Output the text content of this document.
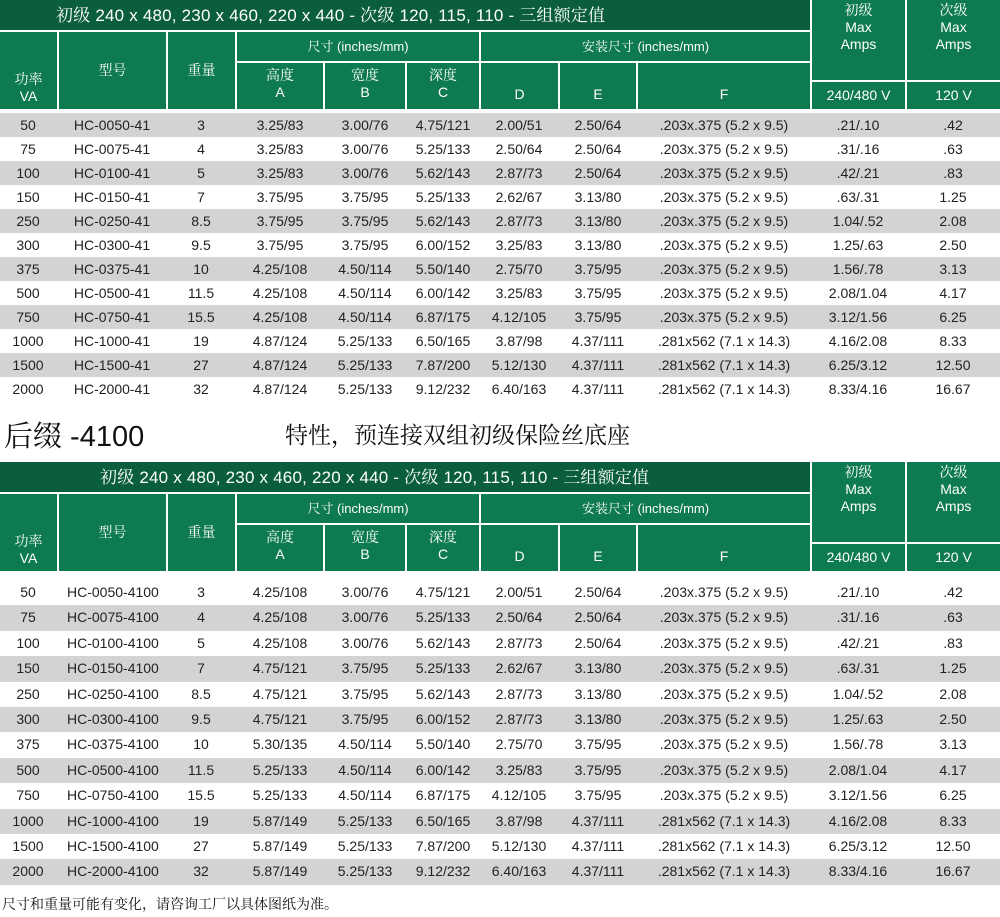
初级 240 x 480, 230 x 460, 220 x 440 - 次级 120, 115, 110 - 三组额定值	初级
Max
Amps
次级
Max
Amps
功率
VA
型号	重量
尺寸 (inches/mm)	安装尺寸 (inches/mm)
高度
A
宽度
B
深度
C	D	E	F	240/480 V	120 V
50	HC-0050-41	3	3.25/83	3.00/76	4.75/121	2.00/51	2.50/64	.203x.375 (5.2 x 9.5)	.21/.10	.42
75	HC-0075-41	4	3.25/83	3.00/76	5.25/133	2.50/64	2.50/64	.203x.375 (5.2 x 9.5)	.31/.16	.63
100	HC-0100-41	5	3.25/83	3.00/76	5.62/143	2.87/73	2.50/64	.203x.375 (5.2 x 9.5)	.42/.21	.83
150	HC-0150-41	7	3.75/95	3.75/95	5.25/133	2.62/67	3.13/80	.203x.375 (5.2 x 9.5)	.63/.31	1.25
250	HC-0250-41	8.5	3.75/95	3.75/95	5.62/143	2.87/73	3.13/80	.203x.375 (5.2 x 9.5)	1.04/.52	2.08
300	HC-0300-41	9.5	3.75/95	3.75/95	6.00/152	3.25/83	3.13/80	.203x.375 (5.2 x 9.5)	1.25/.63	2.50
375	HC-0375-41	10	4.25/108	4.50/114	5.50/140	2.75/70	3.75/95	.203x.375 (5.2 x 9.5)	1.56/.78	3.13
500	HC-0500-41	11.5	4.25/108	4.50/114	6.00/142	3.25/83	3.75/95	.203x.375 (5.2 x 9.5)	2.08/1.04	4.17
750	HC-0750-41	15.5	4.25/108	4.50/114	6.87/175	4.12/105	3.75/95	.203x.375 (5.2 x 9.5)	3.12/1.56	6.25
1000	HC-1000-41	19	4.87/124	5.25/133	6.50/165	3.87/98	4.37/111	.281x562 (7.1 x 14.3)	4.16/2.08	8.33
1500	HC-1500-41	27	4.87/124	5.25/133	7.87/200	5.12/130	4.37/111	.281x562 (7.1 x 14.3)	6.25/3.12	12.50
2000	HC-2000-41	32	4.87/124	5.25/133	9.12/232	6.40/163	4.37/111	.281x562 (7.1 x 14.3)	8.33/4.16	16.67
后缀 -4100	特性，预连接双组初级保险丝底座
初级 240 x 480, 230 x 460, 220 x 440 - 次级 120, 115, 110 - 三组额定值	初级
Max
Amps
次级
Max
Amps
功率
VA
型号	重量
尺寸 (inches/mm)	安装尺寸 (inches/mm)
高度
A
宽度
B
深度
C	D	E	F	240/480 V	120 V
50	HC-0050-4100	3	4.25/108	3.00/76	4.75/121	2.00/51	2.50/64	.203x.375 (5.2 x 9.5)	.21/.10	.42
75	HC-0075-4100	4	4.25/108	3.00/76	5.25/133	2.50/64	2.50/64	.203x.375 (5.2 x 9.5)	.31/.16	.63
100	HC-0100-4100	5	4.25/108	3.00/76	5.62/143	2.87/73	2.50/64	.203x.375 (5.2 x 9.5)	.42/.21	.83
150	HC-0150-4100	7	4.75/121	3.75/95	5.25/133	2.62/67	3.13/80	.203x.375 (5.2 x 9.5)	.63/.31	1.25
250	HC-0250-4100	8.5	4.75/121	3.75/95	5.62/143	2.87/73	3.13/80	.203x.375 (5.2 x 9.5)	1.04/.52	2.08
300	HC-0300-4100	9.5	4.75/121	3.75/95	6.00/152	2.87/73	3.13/80	.203x.375 (5.2 x 9.5)	1.25/.63	2.50
375	HC-0375-4100	10	5.30/135	4.50/114	5.50/140	2.75/70	3.75/95	.203x.375 (5.2 x 9.5)	1.56/.78	3.13
500	HC-0500-4100	11.5	5.25/133	4.50/114	6.00/142	3.25/83	3.75/95	.203x.375 (5.2 x 9.5)	2.08/1.04	4.17
750	HC-0750-4100	15.5	5.25/133	4.50/114	6.87/175	4.12/105	3.75/95	.203x.375 (5.2 x 9.5)	3.12/1.56	6.25
1000	HC-1000-4100	19	5.87/149	5.25/133	6.50/165	3.87/98	4.37/111	.281x562 (7.1 x 14.3)	4.16/2.08	8.33
1500	HC-1500-4100	27	5.87/149	5.25/133	7.87/200	5.12/130	4.37/111	.281x562 (7.1 x 14.3)	6.25/3.12	12.50
2000	HC-2000-4100	32	5.87/149	5.25/133	9.12/232	6.40/163	4.37/111	.281x562 (7.1 x 14.3)	8.33/4.16	16.67
尺寸和重量可能有变化，请咨询工厂以具体图纸为准。
